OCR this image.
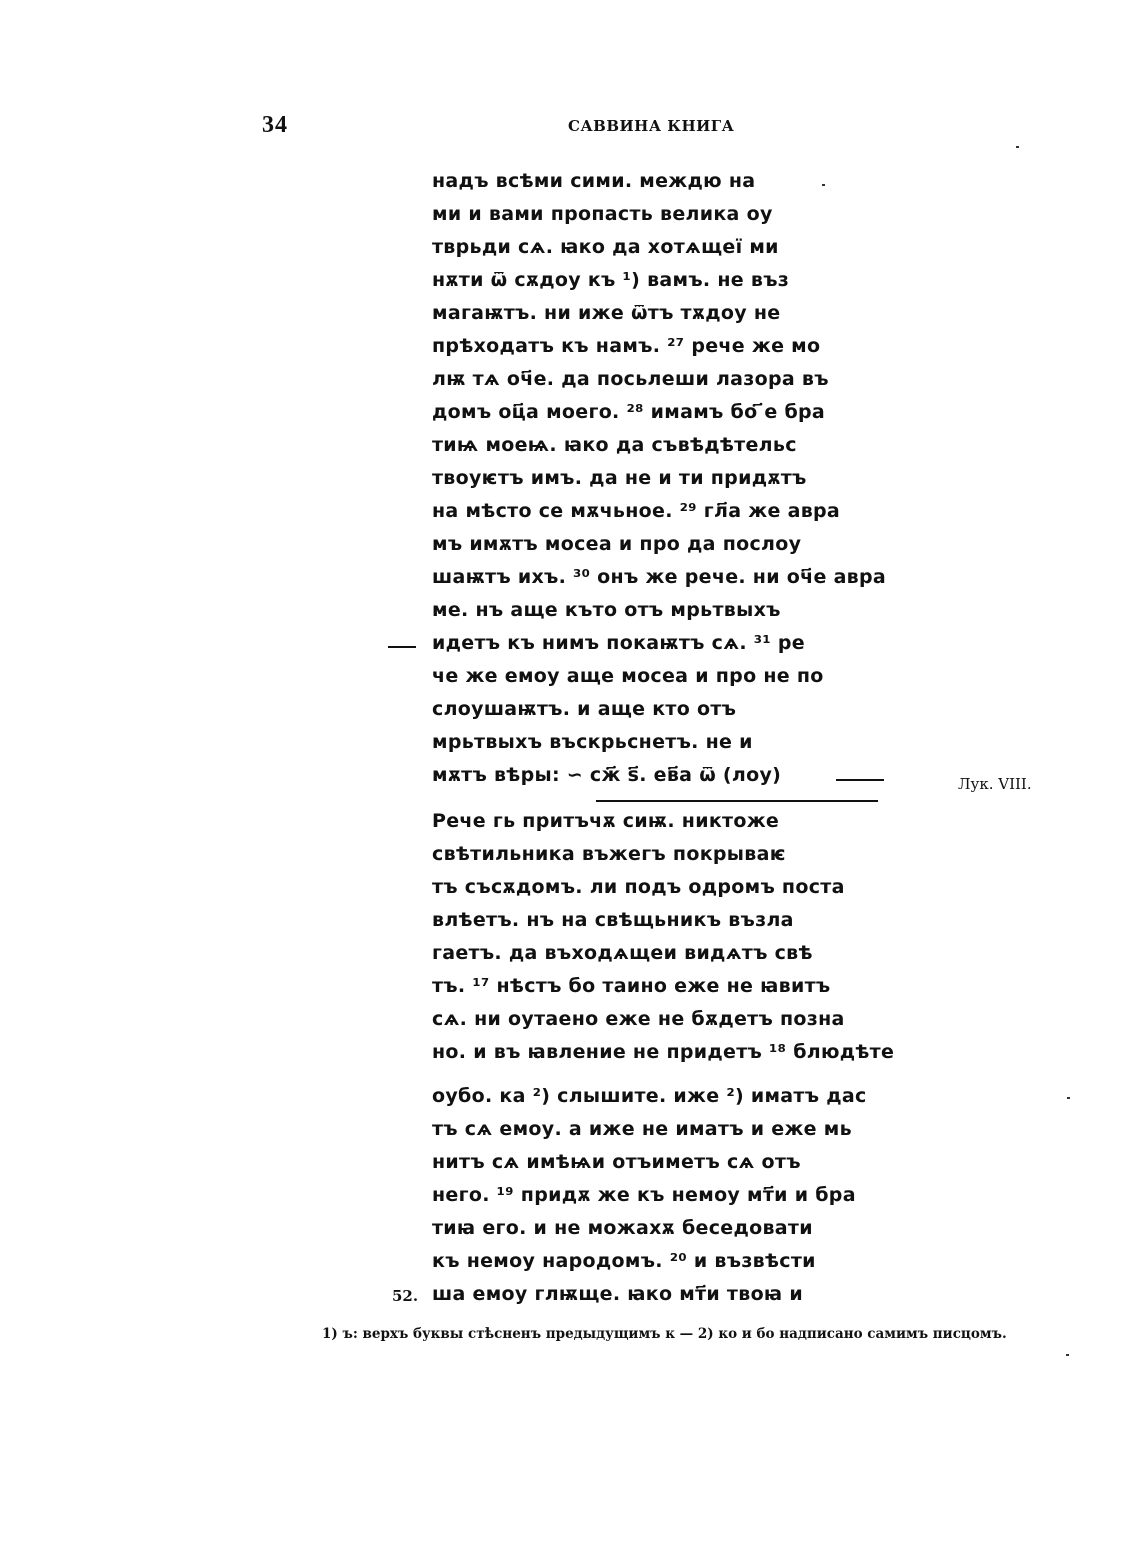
34	САВВИНА КНИГА
надъ всѣми сими. междю на
ми и вами пропасть велика оу
тврьди сѧ. ꙗко да хотѧщеї ми
нѫти ѿ сѫдоу къ ¹) вамъ. не въз
магаѭтъ. ни иже ѿтъ тѫдоу не
прѣходатъ къ намъ. ²⁷ рече же мо
лѭ тѧ оч҃е. да посьлеши лазора въ
домъ оц҃а моего. ²⁸ имамъ бо ҃е бра
тиѩ моеѩ. ꙗко да съвѣдѣтельс
твоуѥтъ имъ. да не и ти придѫтъ
на мѣсто се мѫчьное. ²⁹ гл҃а же авра
мъ имѫтъ мосеа и про да послоу
шаѭтъ ихъ. ³⁰ онъ же рече. ни оч҃е авра
ме. нъ аще къто отъ мрьтвыхъ
идетъ къ нимъ покаѭтъ сѧ. ³¹ ре
че же емоу аще мосеа и про не по
слоушаѭтъ. и аще кто отъ
мрьтвыхъ въскрьснетъ. не и
мѫтъ вѣры: ∽ сж҃ ѕ҃. ев҃а ѿ (лоу)
Рече гь притъчѫ сиѭ. никтоже
свѣтильника въжегъ покрываѥ
тъ съсѫдомъ. ли подъ одромъ поста
влѣетъ. нъ на свѣщьникъ възла
гаетъ. да въходѧщеи видѧтъ свѣ
тъ. ¹⁷ нѣстъ бо таино еже не ꙗвитъ
сѧ. ни оутаено еже не бѫдетъ позна
но. и въ ꙗвление не придетъ ¹⁸ блюдѣте
оубо. ка ²) слышите. иже ²) иматъ дас
тъ сѧ емоу. а иже не иматъ и еже мь
нитъ сѧ имѣѩи отъиметъ сѧ отъ
него. ¹⁹ придѫ же къ немоу мт҃и и бра
тиꙗ его. и не можахѫ беседовати
къ немоу народомъ. ²⁰ и възвѣсти
ша емоу глѭще. ꙗко мт҃и твоꙗ и
Лук. VIII.
52.
1) ъ: верхъ буквы стѣсненъ предыдущимъ к — 2) ко и бо надписано самимъ писцомъ.
